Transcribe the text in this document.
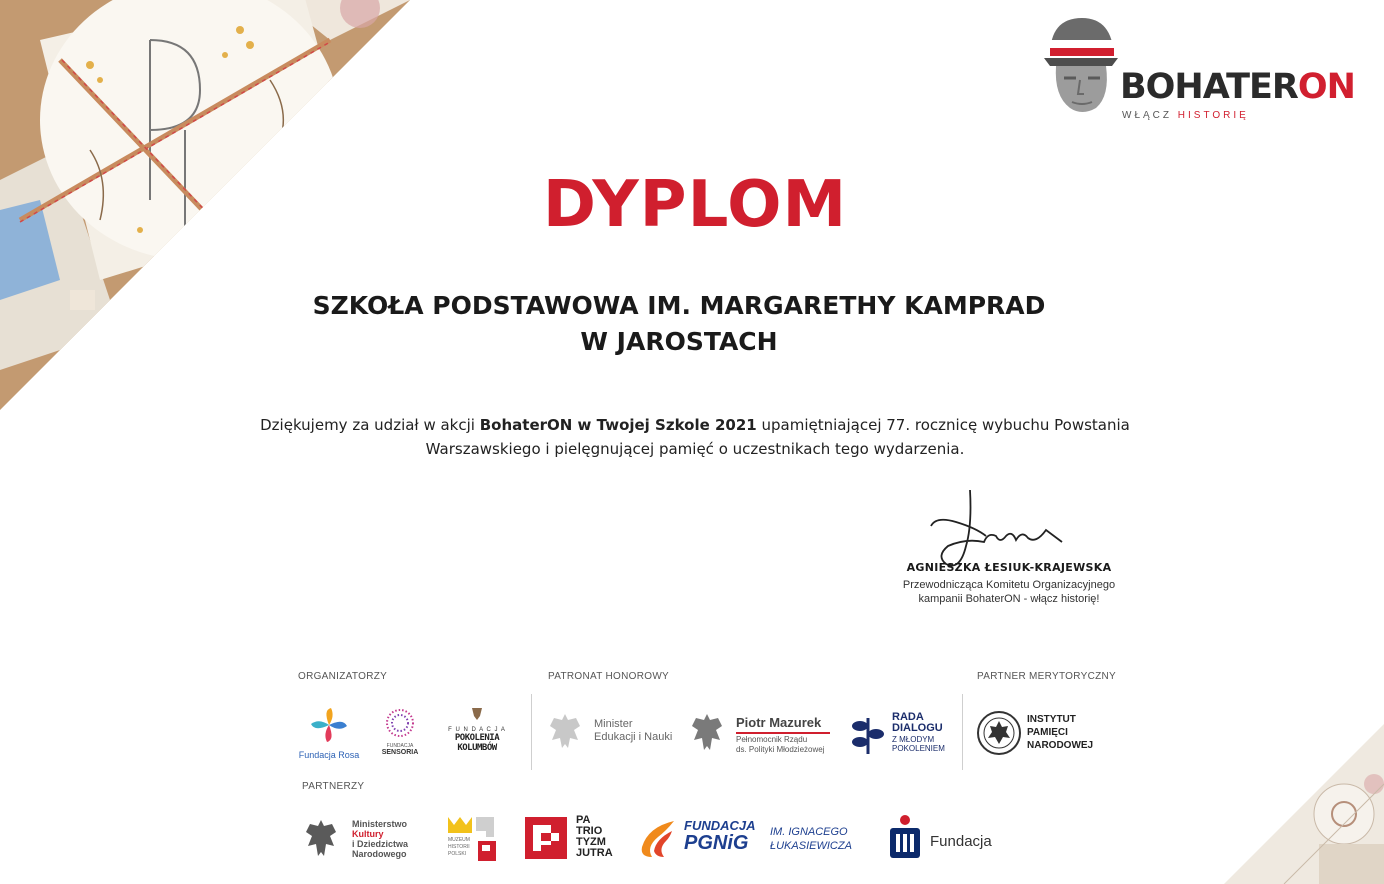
BOHATERON
WŁĄCZ HISTORIĘ
DYPLOM
SZKOŁA PODSTAWOWA IM. MARGARETHY KAMPRAD
W JAROSTACH
Dziękujemy za udział w akcji BohaterON w Twojej Szkole 2021 upamiętniającej 77. rocznicę wybuchu Powstania Warszawskiego i pielęgnującej pamięć o uczestnikach tego wydarzenia.
AGNIESZKA ŁESIUK-KRAJEWSKA
Przewodnicząca Komitetu Organizacyjnego
kampanii BohaterON - włącz historię!
ORGANIZATORZY	PATRONAT HONOROWY	PARTNER MERYTORYCZNY
PARTNERZY
Fundacja Rosa
FUNDACJA
SENSORIA
F U N D A C J A
POKOLENIA KOLUMBÓW
Minister
Edukacji i Nauki
Piotr Mazurek
Pełnomocnik Rządu
ds. Polityki Młodzieżowej
RADA
DIALOGU
Z MŁODYM
POKOLENIEM
INSTYTUT
PAMIĘCI
NARODOWEJ
Ministerstwo
Kultury
i Dziedzictwa
Narodowego
MUZEUM
HISTORII
POLSKI
PA
TRIO
TYZM
JUTRA
FUNDACJA
PGNiG IM. IGNACEGO
ŁUKASIEWICZA	Fundacja
